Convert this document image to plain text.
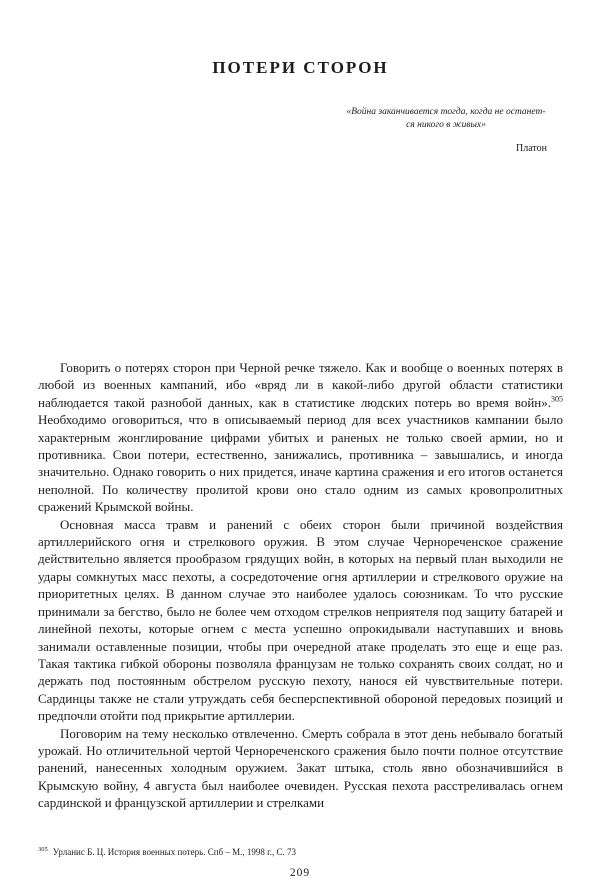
ПОТЕРИ СТОРОН
«Война заканчивается тогда, когда не останет-
ся никого в живых»
Платон

Говорить о потерях сторон при Черной речке тяжело. Как и вообще о военных потерях в любой из военных кампаний, ибо «вряд ли в какой-либо другой области статистики наблюдается такой разнобой данных, как в статистике людских потерь во время войн».$^{305}$ Необходимо оговориться, что в описываемый период для всех участников кампании было характерным жонглирование цифрами убитых и раненых не только своей армии, но и противника. Свои потери, естественно, занижались, противника – завышались, и иногда значительно. Однако говорить о них придется, иначе картина сражения и его итогов останется неполной. По количеству пролитой крови оно стало одним из самых кровопролитных сражений Крымской войны.

Основная масса травм и ранений с обеих сторон были причиной воздействия артиллерийского огня и стрелкового оружия. В этом случае Чернореченское сражение действительно является прообразом грядущих войн, в которых на первый план выходили не удары сомкнутых масс пехоты, а сосредоточение огня артиллерии и стрелкового оружие на приоритетных целях. В данном случае это наиболее удалось союзникам. То что русские принимали за бегство, было не более чем отходом стрелков неприятеля под защиту батарей и линейной пехоты, которые огнем с места успешно опрокидывали наступавших и вновь занимали оставленные позиции, чтобы при очередной атаке проделать это еще и еще раз. Такая тактика гибкой обороны позволяла французам не только сохранять своих солдат, но и держать под постоянным обстрелом русскую пехоту, нанося ей чувствительные потери. Сардинцы также не стали утруждать себя бесперспективной обороной передовых позиций и предпочли отойти под прикрытие артиллерии.

Поговорим на тему несколько отвлеченно. Смерть собрала в этот день небывало богатый урожай. Но отличительной чертой Чернореченского сражения было почти полное отсутствие ранений, нанесенных холодным оружием. Закат штыка, столь явно обозначившийся в Крымскую войну, 4 августа был наиболее очевиден. Русская пехота расстреливалась огнем сардинской и французской артиллерии и стрелками

$^{305}$ Урланис Б. Ц. История военных потерь. Спб – М., 1998 г., С. 73
209
